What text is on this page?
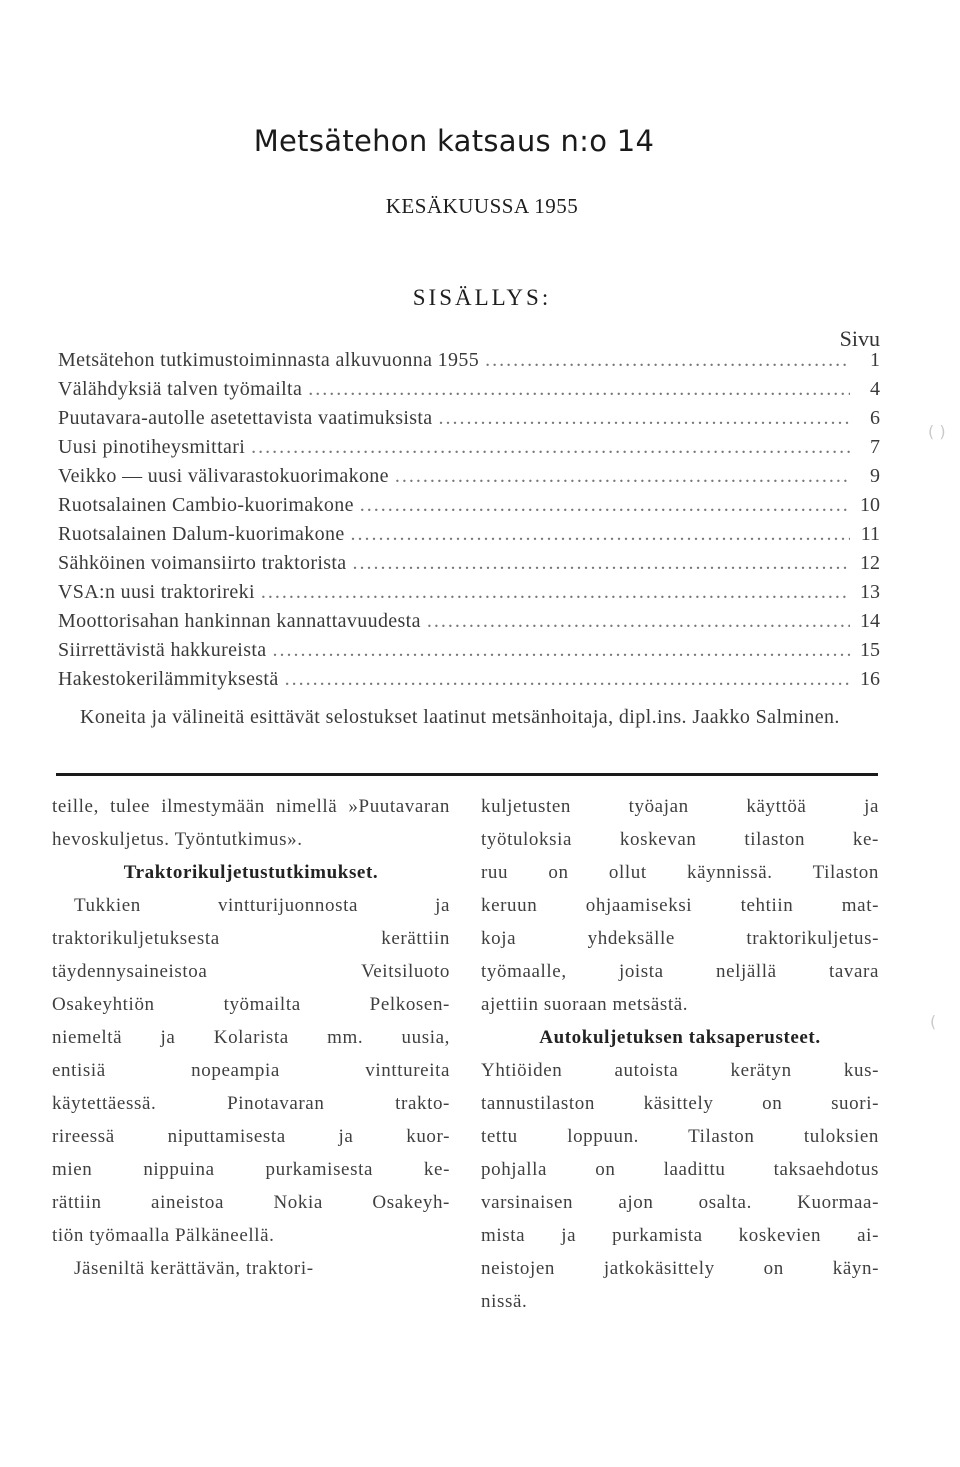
Metsätehon katsaus n:o 14
KESÄKUUSSA 1955
SISÄLLYS:
Sivu
Metsätehon tutkimustoiminnasta alkuvuonna 1955 .....	1
Välähdyksiä talven työmailta .....	4
Puutavara-autolle asetettavista vaatimuksista .....	6
Uusi pinotiheysmittari .....	7
Veikko — uusi välivarastokuorimakone .....	9
Ruotsalainen Cambio-kuorimakone .....	10
Ruotsalainen Dalum-kuorimakone .....	11
Sähköinen voimansiirto traktorista .....	12
VSA:n uusi traktorireki .....	13
Moottorisahan hankinnan kannattavuudesta .....	14
Siirrettävistä hakkureista .....	15
Hakestokerilämmityksestä .....	16
Koneita ja välineitä esittävät selostukset laatinut metsänhoitaja, dipl.ins. Jaakko Salminen.

teille, tulee ilmestymään nimellä »Puutavaran hevoskuljetus. Työntutkimus».

Traktorikuljetustutkimukset.

Tukkien vintturijuonnosta ja

traktorikuljetuksesta kerättiin

täydennysaineistoa Veitsiluoto

Osakeyhtiön työmailta Pelkosen-

niemeltä ja Kolarista mm. uusia,

entisiä nopeampia vinttureita

käytettäessä. Pinotavaran trakto-

rireessä niputtamisesta ja kuor-

mien nippuina purkamisesta ke-

rättiin aineistoa Nokia Osakeyh-

tiön työmaalla Pälkäneellä.

Jäseniltä kerättävän, traktori-

kuljetusten työajan käyttöä ja

työtuloksia koskevan tilaston ke-

ruu on ollut käynnissä. Tilaston

keruun ohjaamiseksi tehtiin mat-

koja yhdeksälle traktorikuljetus-

työmaalle, joista neljällä tavara

ajettiin suoraan metsästä.

Autokuljetuksen taksaperusteet.

Yhtiöiden autoista kerätyn kus-

tannustilaston käsittely on suori-

tettu loppuun. Tilaston tuloksien

pohjalla on laadittu taksaehdotus

varsinaisen ajon osalta. Kuormaa-

mista ja purkamista koskevien ai-

neistojen jatkokäsittely on käyn-

nissä.

( )
(
